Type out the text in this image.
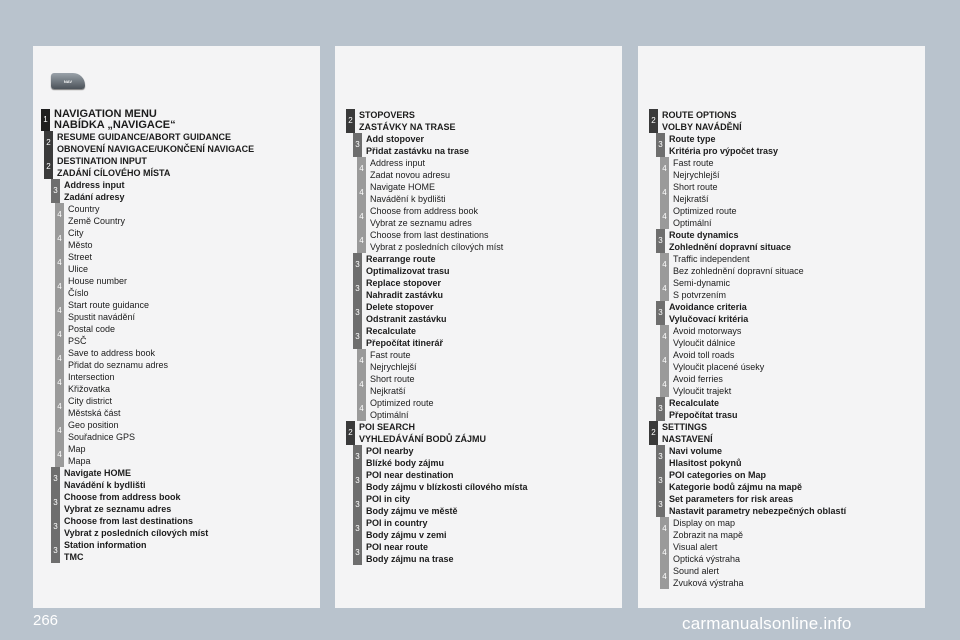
NAV
1 NAVIGATION MENU
NABÍDKA „NAVIGACE“
2
RESUME GUIDANCE/ABORT GUIDANCE
OBNOVENÍ NAVIGACE/UKONČENÍ NAVIGACE
2
DESTINATION INPUT
ZADÁNÍ CÍLOVÉHO MÍSTA
3
Address input
Zadání adresy
4
Country
Země Country
4
City
Město
4
Street
Ulice
4
House number
Číslo
4
Start route guidance
Spustit navádění
4
Postal code
PSČ
4
Save to address book
Přidat do seznamu adres
4
Intersection
Křižovatka
4
City district
Městská část
4
Geo position
Souřadnice GPS
4
Map
Mapa
3
Navigate HOME
Navádění k bydlišti
3
Choose from address book
Vybrat ze seznamu adres
3
Choose from last destinations
Vybrat z posledních cílových míst
3
Station information
TMC
2
STOPOVERS
ZASTÁVKY NA TRASE
3
Add stopover
Přidat zastávku na trase
4
Address input
Zadat novou adresu
4
Navigate HOME
Navádění k bydlišti
4
Choose from address book
Vybrat ze seznamu adres
4
Choose from last destinations
Vybrat z posledních cílových míst
3
Rearrange route
Optimalizovat trasu
3
Replace stopover
Nahradit zastávku
3
Delete stopover
Odstranit zastávku
3
Recalculate
Přepočítat itinerář
4
Fast route
Nejrychlejší
4
Short route
Nejkratší
4
Optimized route
Optimální
2
POI SEARCH
VYHLEDÁVÁNÍ BODŮ ZÁJMU
3
POI nearby
Blízké body zájmu
3
POI near destination
Body zájmu v blízkosti cílového místa
3
POI in city
Body zájmu ve městě
3
POI in country
Body zájmu v zemi
3
POI near route
Body zájmu na trase
2
ROUTE OPTIONS
VOLBY NAVÁDĚNÍ
3
Route type
Kritéria pro výpočet trasy
4
Fast route
Nejrychlejší
4
Short route
Nejkratší
4
Optimized route
Optimální
3
Route dynamics
Zohlednění dopravní situace
4
Traffic independent
Bez zohlednění dopravní situace
4
Semi-dynamic
S potvrzením
3
Avoidance criteria
Vylučovací kritéria
4
Avoid motorways
Vyloučit dálnice
4
Avoid toll roads
Vyloučit placené úseky
4
Avoid ferries
Vyloučit trajekt
3
Recalculate
Přepočítat trasu
2
SETTINGS
NASTAVENÍ
3
Navi volume
Hlasitost pokynů
3
POI categories on Map
Kategorie bodů zájmu na mapě
3
Set parameters for risk areas
Nastavit parametry nebezpečných oblastí
4
Display on map
Zobrazit na mapě
4
Visual alert
Optická výstraha
4
Sound alert
Zvuková výstraha
266	carmanualsonline.info
